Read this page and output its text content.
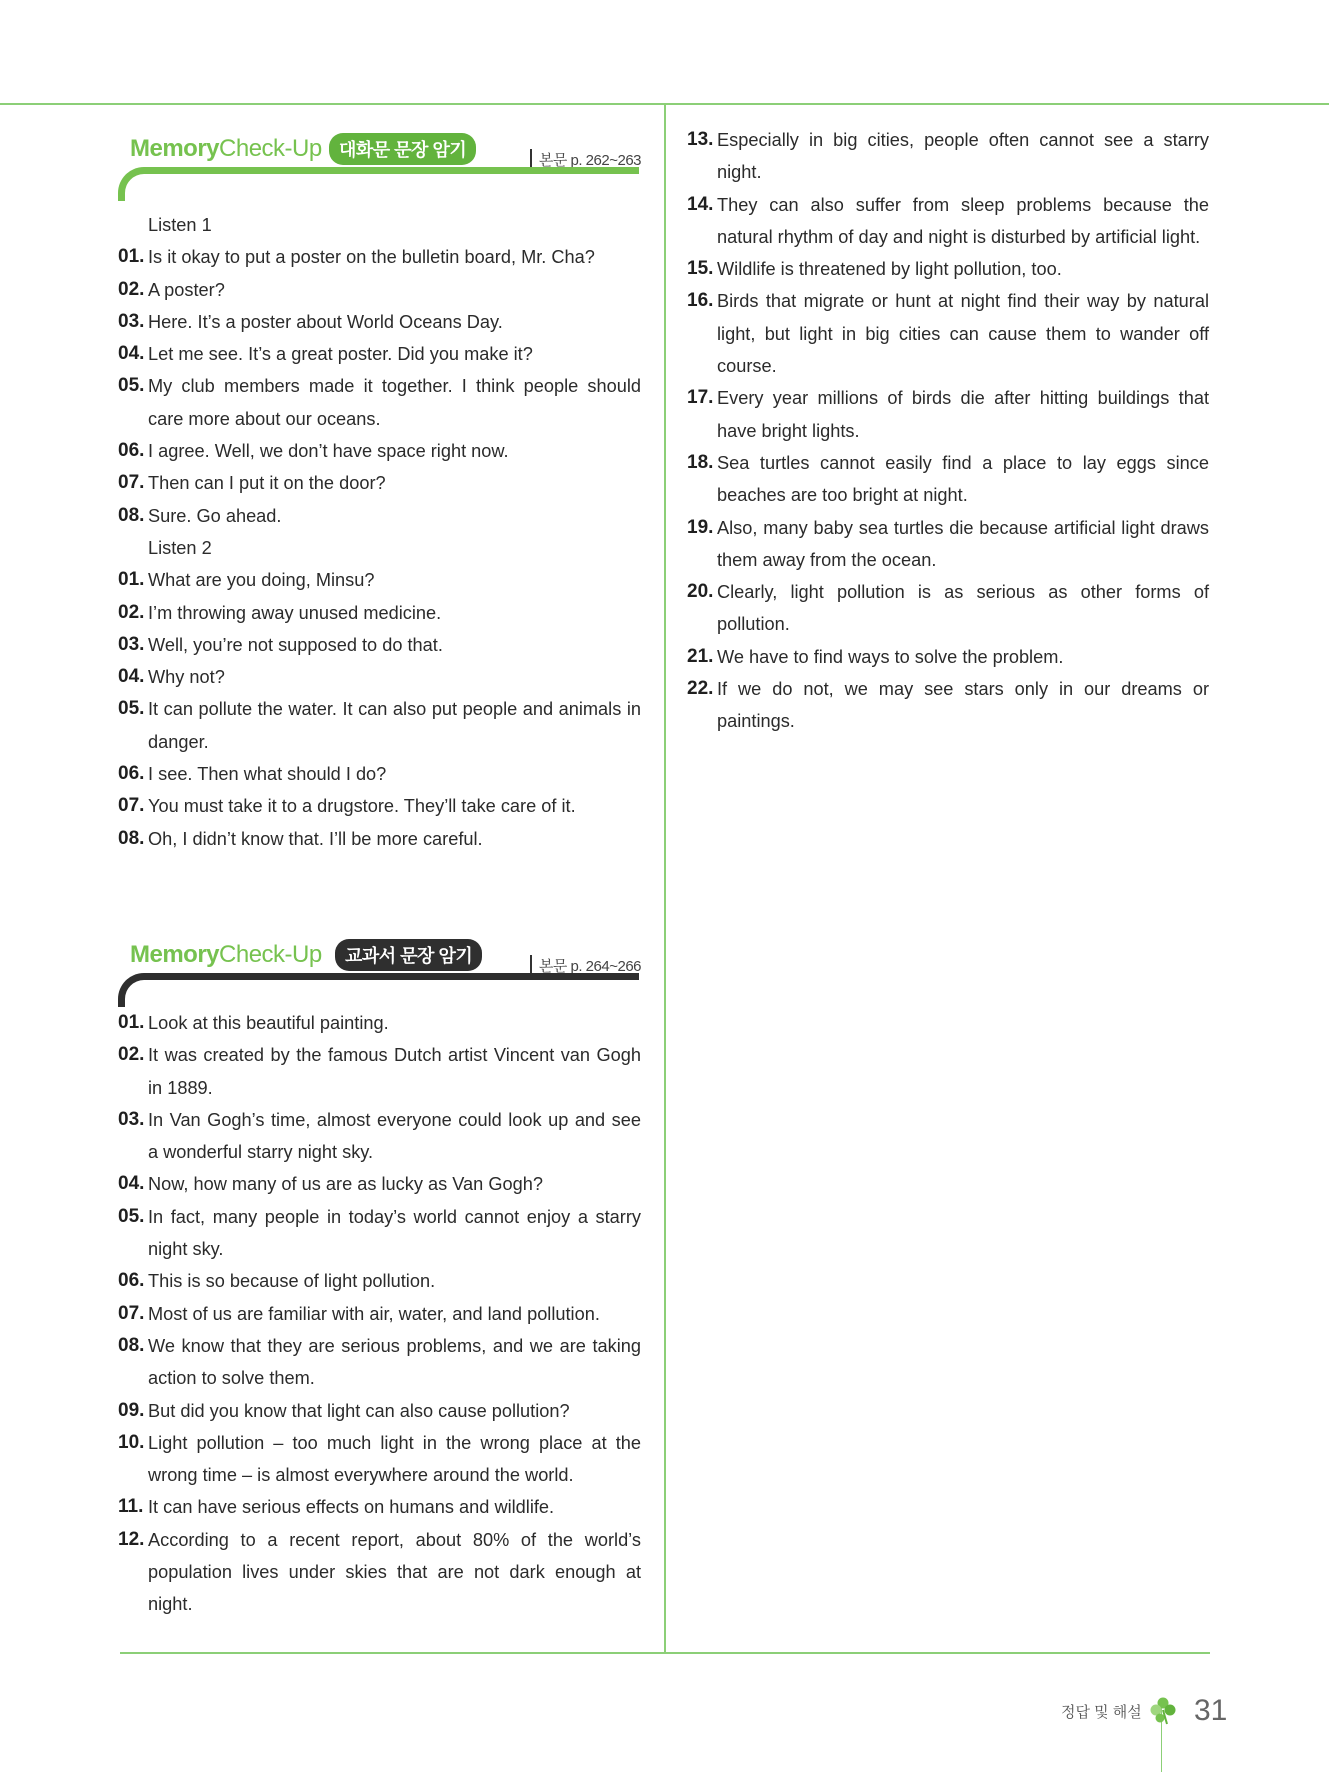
MemoryCheck-Up 대화문 문장 암기
본문 p. 262~263
Listen 1
01. Is it okay to put a poster on the bulletin board, Mr. Cha?
02. A poster?
03. Here. It’s a poster about World Oceans Day.
04. Let me see. It’s a great poster. Did you make it?
05. My club members made it together. I think people should care more about our oceans.
06. I agree. Well, we don’t have space right now.
07. Then can I put it on the door?
08. Sure. Go ahead.
Listen 2
01. What are you doing, Minsu?
02. I’m throwing away unused medicine.
03. Well, you’re not supposed to do that.
04. Why not?
05. It can pollute the water. It can also put people and animals in danger.
06. I see. Then what should I do?
07. You must take it to a drugstore. They’ll take care of it.
08. Oh, I didn’t know that. I’ll be more careful.
MemoryCheck-Up	교과서 문장 암기
본문 p. 264~266
01. Look at this beautiful painting.
02. It was created by the famous Dutch artist Vincent van Gogh in 1889.
03. In Van Gogh’s time, almost everyone could look up and see a wonderful starry night sky.
04. Now, how many of us are as lucky as Van Gogh?
05. In fact, many people in today’s world cannot enjoy a starry night sky.
06. This is so because of light pollution.
07. Most of us are familiar with air, water, and land pollution.
08. We know that they are serious problems, and we are taking action to solve them.
09. But did you know that light can also cause pollution?
10. Light pollution – too much light in the wrong place at the wrong time – is almost everywhere around the world.
11. It can have serious effects on humans and wildlife.
12. According to a recent report, about 80% of the world’s population lives under skies that are not dark enough at night.
13. Especially in big cities, people often cannot see a starry night.
14. They can also suffer from sleep problems because the natural rhythm of day and night is disturbed by artificial light.
15. Wildlife is threatened by light pollution, too.
16. Birds that migrate or hunt at night find their way by natural light, but light in big cities can cause them to wander off course.
17. Every year millions of birds die after hitting buildings that have bright lights.
18. Sea turtles cannot easily find a place to lay eggs since beaches are too bright at night.
19. Also, many baby sea turtles die because artificial light draws them away from the ocean.
20. Clearly, light pollution is as serious as other forms of pollution.
21. We have to find ways to solve the problem.
22. If we do not, we may see stars only in our dreams or paintings.
정답 및 해설 31
